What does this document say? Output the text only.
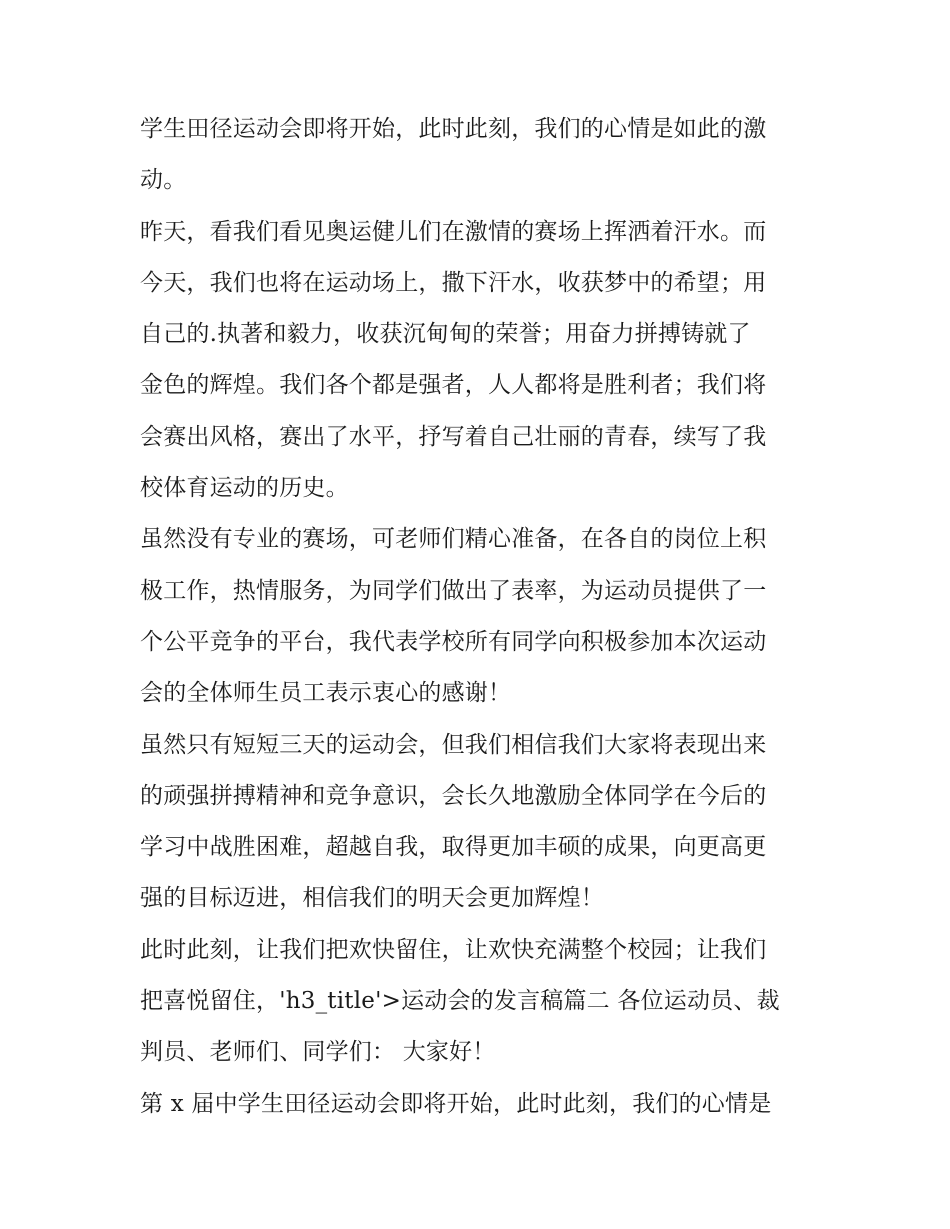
学生田径运动会即将开始，此时此刻，我们的心情是如此的激
动。
昨天，看我们看见奥运健儿们在激情的赛场上挥洒着汗水。而
今天，我们也将在运动场上，撒下汗水，收获梦中的希望；用
自己的.执著和毅力，收获沉甸甸的荣誉；用奋力拼搏铸就了
金色的辉煌。我们各个都是强者，人人都将是胜利者；我们将
会赛出风格，赛出了水平，抒写着自己壮丽的青春，续写了我
校体育运动的历史。
虽然没有专业的赛场，可老师们精心准备，在各自的岗位上积
极工作，热情服务，为同学们做出了表率，为运动员提供了一
个公平竞争的平台，我代表学校所有同学向积极参加本次运动
会的全体师生员工表示衷心的感谢！
虽然只有短短三天的运动会，但我们相信我们大家将表现出来
的顽强拼搏精神和竞争意识，会长久地激励全体同学在今后的
学习中战胜困难，超越自我，取得更加丰硕的成果，向更高更
强的目标迈进，相信我们的明天会更加辉煌！
此时此刻，让我们把欢快留住，让欢快充满整个校园；让我们
把喜悦留住，'h3_title'>运动会的发言稿篇二 各位运动员、裁
判员、老师们、同学们： 大家好！
第 x 届中学生田径运动会即将开始，此时此刻，我们的心情是
